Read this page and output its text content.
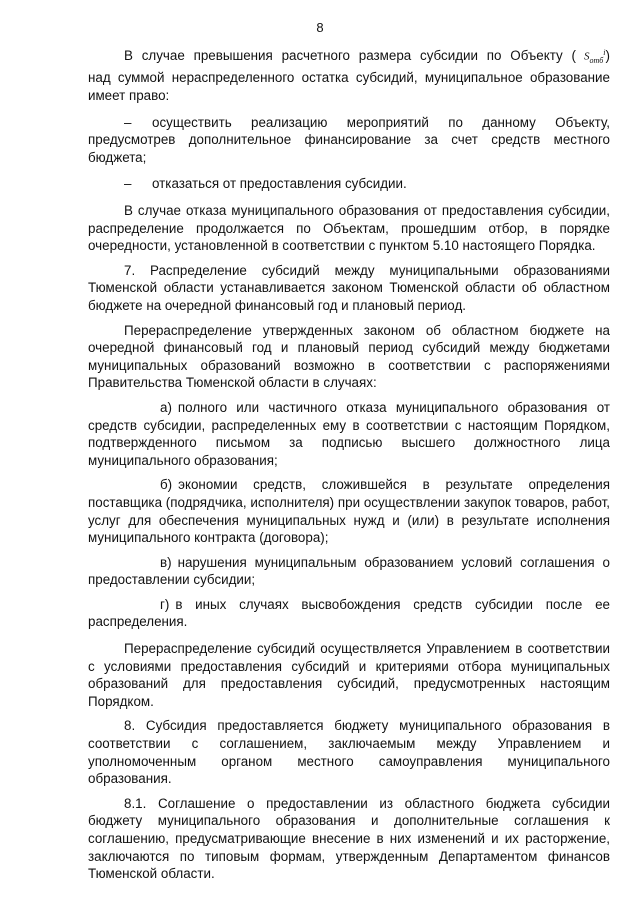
8
В случае превышения расчетного размера субсидии по Объекту ( $S_{omб}^i$ )

над суммой нераспределенного остатка субсидий, муниципальное образование имеет право:

– осуществить реализацию мероприятий по данному Объекту, предусмотрев дополнительное финансирование за счет средств местного бюджета;
– отказаться от предоставления субсидии.

В случае отказа муниципального образования от предоставления субсидии, распределение продолжается по Объектам, прошедшим отбор, в порядке очередности, установленной в соответствии с пунктом 5.10 настоящего Порядка.

7. Распределение субсидий между муниципальными образованиями Тюменской области устанавливается законом Тюменской области об областном бюджете на очередной финансовый год и плановый период.

Перераспределение утвержденных законом об областном бюджете на очередной финансовый год и плановый период субсидий между бюджетами муниципальных образований возможно в соответствии с распоряжениями Правительства Тюменской области в случаях:

а) полного или частичного отказа муниципального образования от средств субсидии, распределенных ему в соответствии с настоящим Порядком, подтвержденного письмом за подписью высшего должностного лица муниципального образования;

б) экономии средств, сложившейся в результате определения поставщика (подрядчика, исполнителя) при осуществлении закупок товаров, работ, услуг для обеспечения муниципальных нужд и (или) в результате исполнения муниципального контракта (договора);

в) нарушения муниципальным образованием условий соглашения о предоставлении субсидии;

г) в иных случаях высвобождения средств субсидии после ее распределения.

Перераспределение субсидий осуществляется Управлением в соответствии с условиями предоставления субсидий и критериями отбора муниципальных образований для предоставления субсидий, предусмотренных настоящим Порядком.

8. Субсидия предоставляется бюджету муниципального образования в соответствии с соглашением, заключаемым между Управлением и уполномоченным органом местного самоуправления муниципального образования.

8.1. Соглашение о предоставлении из областного бюджета субсидии бюджету муниципального образования и дополнительные соглашения к соглашению, предусматривающие внесение в них изменений и их расторжение, заключаются по типовым формам, утвержденным Департаментом финансов Тюменской области.
